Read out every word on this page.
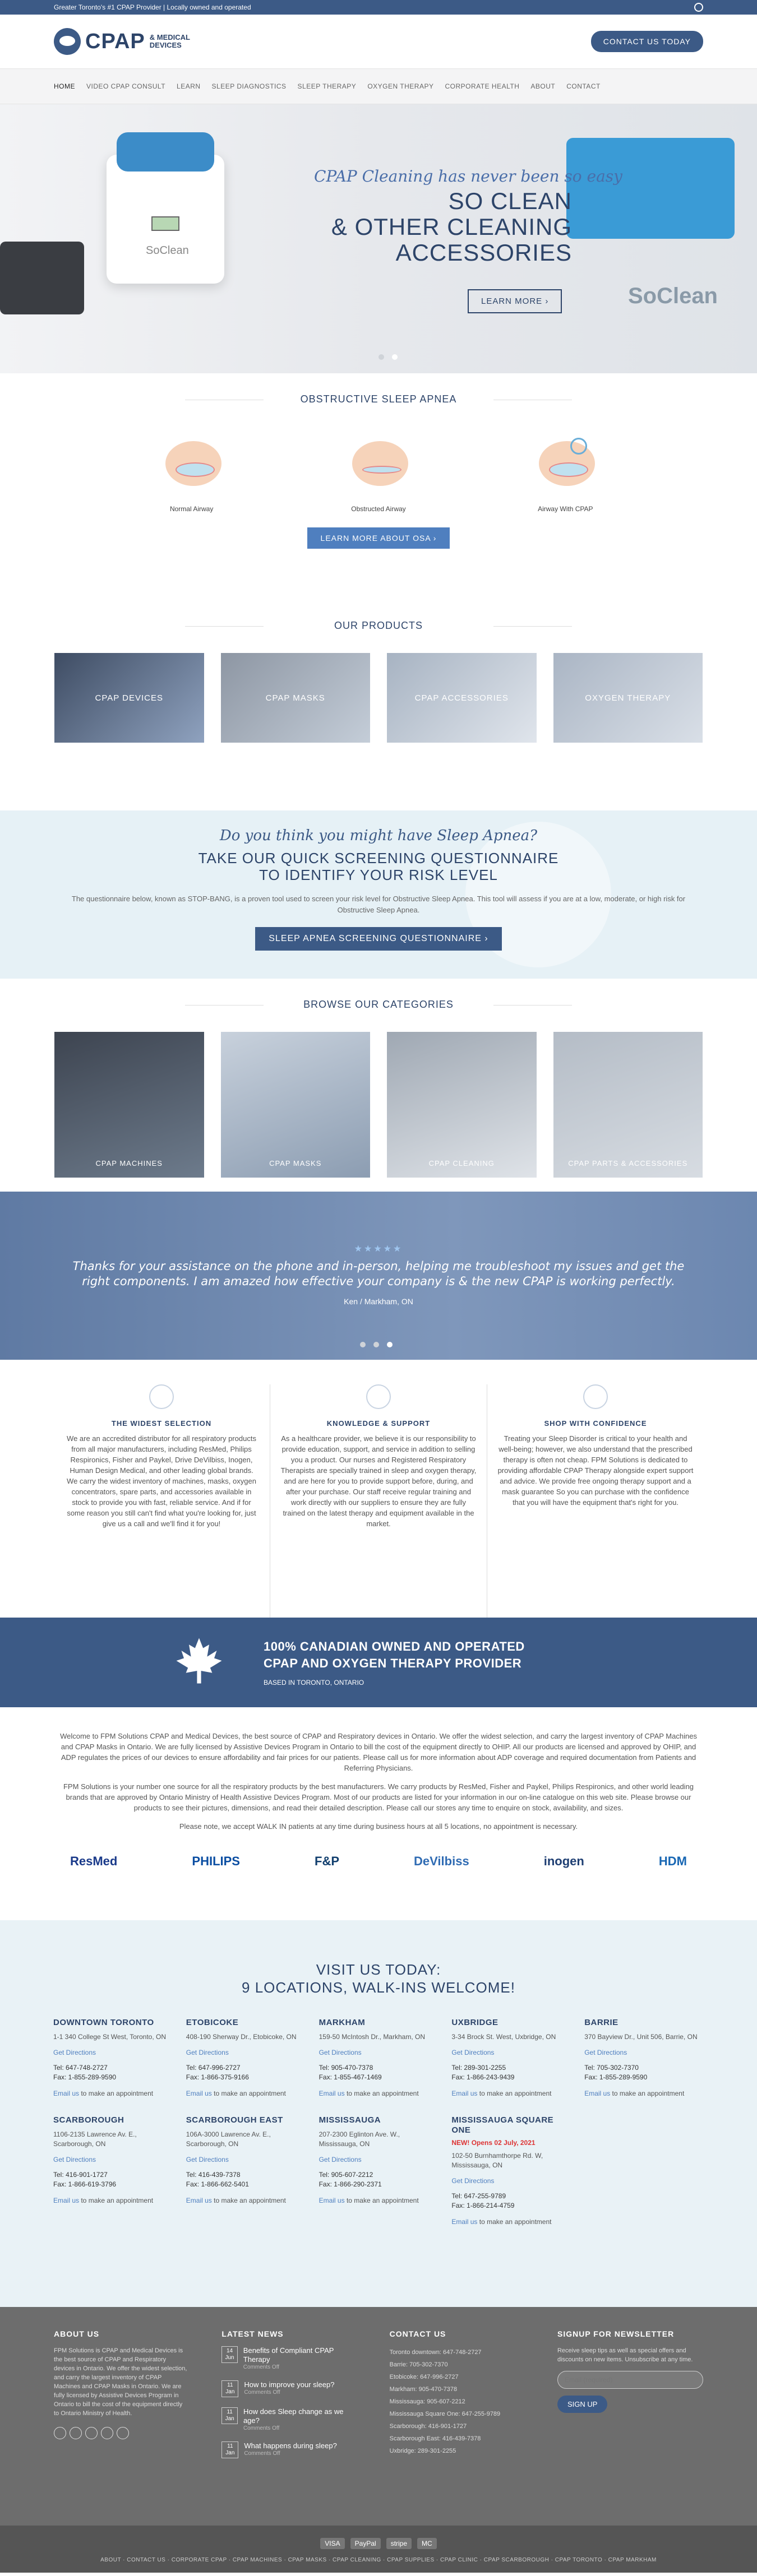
Greater Toronto's #1 CPAP Provider | Locally owned and operated
CPAP & MEDICAL DEVICES	CONTACT US TODAY
HOME VIDEO CPAP CONSULT LEARN SLEEP DIAGNOSTICS SLEEP THERAPY OXYGEN THERAPY CORPORATE HEALTH ABOUT CONTACT
SoClean
SoClean
CPAP Cleaning has never been so easy
SO CLEAN
& OTHER CLEANING
ACCESSORIES
LEARN MORE ›
OBSTRUCTIVE SLEEP APNEA

Normal Airway	Obstructed Airway	Airway With CPAP

LEARN MORE ABOUT OSA ›
OUR PRODUCTS
CPAP DEVICES	CPAP MASKS	CPAP ACCESSORIES	OXYGEN THERAPY
Do you think you might have Sleep Apnea?
TAKE OUR QUICK SCREENING QUESTIONNAIRE
TO IDENTIFY YOUR RISK LEVEL

The questionnaire below, known as STOP-BANG, is a proven tool used to screen your risk level for Obstructive Sleep Apnea. This tool will assess if you are at a low, moderate, or high risk for Obstructive Sleep Apnea.

SLEEP APNEA SCREENING QUESTIONNAIRE ›
BROWSE OUR CATEGORIES
CPAP MACHINES	CPAP MASKS	CPAP CLEANING	CPAP PARTS & ACCESSORIES
★★★★★
Thanks for your assistance on the phone and in-person, helping me troubleshoot my issues and get the right components. I am amazed how effective your company is & the new CPAP is working perfectly.
Ken / Markham, ON
THE WIDEST SELECTION

We are an accredited distributor for all respiratory products from all major manufacturers, including ResMed, Philips Respironics, Fisher and Paykel, Drive DeVilbiss, Inogen, Human Design Medical, and other leading global brands. We carry the widest inventory of machines, masks, oxygen concentrators, spare parts, and accessories available in stock to provide you with fast, reliable service. And if for some reason you still can't find what you're looking for, just give us a call and we'll find it for you!

KNOWLEDGE & SUPPORT

As a healthcare provider, we believe it is our responsibility to provide education, support, and service in addition to selling you a product. Our nurses and Registered Respiratory Therapists are specially trained in sleep and oxygen therapy, and are here for you to provide support before, during, and after your purchase. Our staff receive regular training and work directly with our suppliers to ensure they are fully trained on the latest therapy and equipment available in the market.

SHOP WITH CONFIDENCE

Treating your Sleep Disorder is critical to your health and well-being; however, we also understand that the prescribed therapy is often not cheap. FPM Solutions is dedicated to providing affordable CPAP Therapy alongside expert support and advice. We provide free ongoing therapy support and a mask guarantee So you can purchase with the confidence that you will have the equipment that's right for you.

100% CANADIAN OWNED AND OPERATED
CPAP AND OXYGEN THERAPY PROVIDER
BASED IN TORONTO, ONTARIO

Welcome to FPM Solutions CPAP and Medical Devices, the best source of CPAP and Respiratory devices in Ontario. We offer the widest selection, and carry the largest inventory of CPAP Machines and CPAP Masks in Ontario. We are fully licensed by Assistive Devices Program in Ontario to bill the cost of the equipment directly to OHIP. All our products are licensed and approved by OHIP, and ADP regulates the prices of our devices to ensure affordability and fair prices for our patients. Please call us for more information about ADP coverage and required documentation from Patients and Referring Physicians.

FPM Solutions is your number one source for all the respiratory products by the best manufacturers. We carry products by ResMed, Fisher and Paykel, Philips Respironics, and other world leading brands that are approved by Ontario Ministry of Health Assistive Devices Program. Most of our products are listed for your information in our on-line catalogue on this web site. Please browse our products to see their pictures, dimensions, and read their detailed description. Please call our stores any time to enquire on stock, availability, and sizes.

Please note, we accept WALK IN patients at any time during business hours at all 5 locations, no appointment is necessary.

ResMed	PHILIPS	F&P	DeVilbiss	inogen	HDM
VISIT US TODAY:
9 LOCATIONS, WALK-INS WELCOME!
DOWNTOWN TORONTO
1-1 340 College St West, Toronto, ON
Get Directions
Tel: 647-748-2727
Fax: 1-855-289-9590
Email us to make an appointment
ETOBICOKE
408-190 Sherway Dr., Etobicoke, ON
Get Directions
Tel: 647-996-2727
Fax: 1-866-375-9166
Email us to make an appointment
MARKHAM
159-50 McIntosh Dr., Markham, ON
Get Directions
Tel: 905-470-7378
Fax: 1-855-467-1469
Email us to make an appointment
UXBRIDGE
3-34 Brock St. West, Uxbridge, ON
Get Directions
Tel: 289-301-2255
Fax: 1-866-243-9439
Email us to make an appointment
BARRIE
370 Bayview Dr., Unit 506, Barrie, ON
Get Directions
Tel: 705-302-7370
Fax: 1-855-289-9590
Email us to make an appointment
SCARBOROUGH
1106-2135 Lawrence Av. E., Scarborough, ON
Get Directions
Tel: 416-901-1727
Fax: 1-866-619-3796
Email us to make an appointment
SCARBOROUGH EAST
106A-3000 Lawrence Av. E., Scarborough, ON
Get Directions
Tel: 416-439-7378
Fax: 1-866-662-5401
Email us to make an appointment
MISSISSAUGA
207-2300 Eglinton Ave. W., Mississauga, ON
Get Directions
Tel: 905-607-2212
Fax: 1-866-290-2371
Email us to make an appointment
MISSISSAUGA SQUARE ONE
NEW! Opens 02 July, 2021
102-50 Burnhamthorpe Rd. W, Mississauga, ON
Get Directions
Tel: 647-255-9789
Fax: 1-866-214-4759
Email us to make an appointment
ABOUT US

FPM Solutions is CPAP and Medical Devices is the best source of CPAP and Respiratory devices in Ontario. We offer the widest selection, and carry the largest inventory of CPAP Machines and CPAP Masks in Ontario. We are fully licensed by Assistive Devices Program in Ontario to bill the cost of the equipment directly to Ontario Ministry of Health.

LATEST NEWS
14 Jun
Benefits of Compliant CPAP Therapy
Comments Off
11 Jan
How to improve your sleep?
Comments Off
11 Jan
How does Sleep change as we age?
Comments Off
11 Jan
What happens during sleep?
Comments Off
CONTACT US
Toronto downtown: 647-748-2727
Barrie: 705-302-7370
Etobicoke: 647-996-2727
Markham: 905-470-7378
Mississauga: 905-607-2212
Mississauga Square One: 647-255-9789
Scarborough: 416-901-1727
Scarborough East: 416-439-7378
Uxbridge: 289-301-2255
SIGNUP FOR NEWSLETTER

Receive sleep tips as well as special offers and discounts on new items. Unsubscribe at any time.

Email (required)
SIGN UP
VISA	PayPal	stripe	MC
ABOUT · CONTACT US · CORPORATE CPAP · CPAP MACHINES · CPAP MASKS · CPAP CLEANING · CPAP SUPPLIES · CPAP CLINIC · CPAP SCARBOROUGH · CPAP TORONTO · CPAP MARKHAM
